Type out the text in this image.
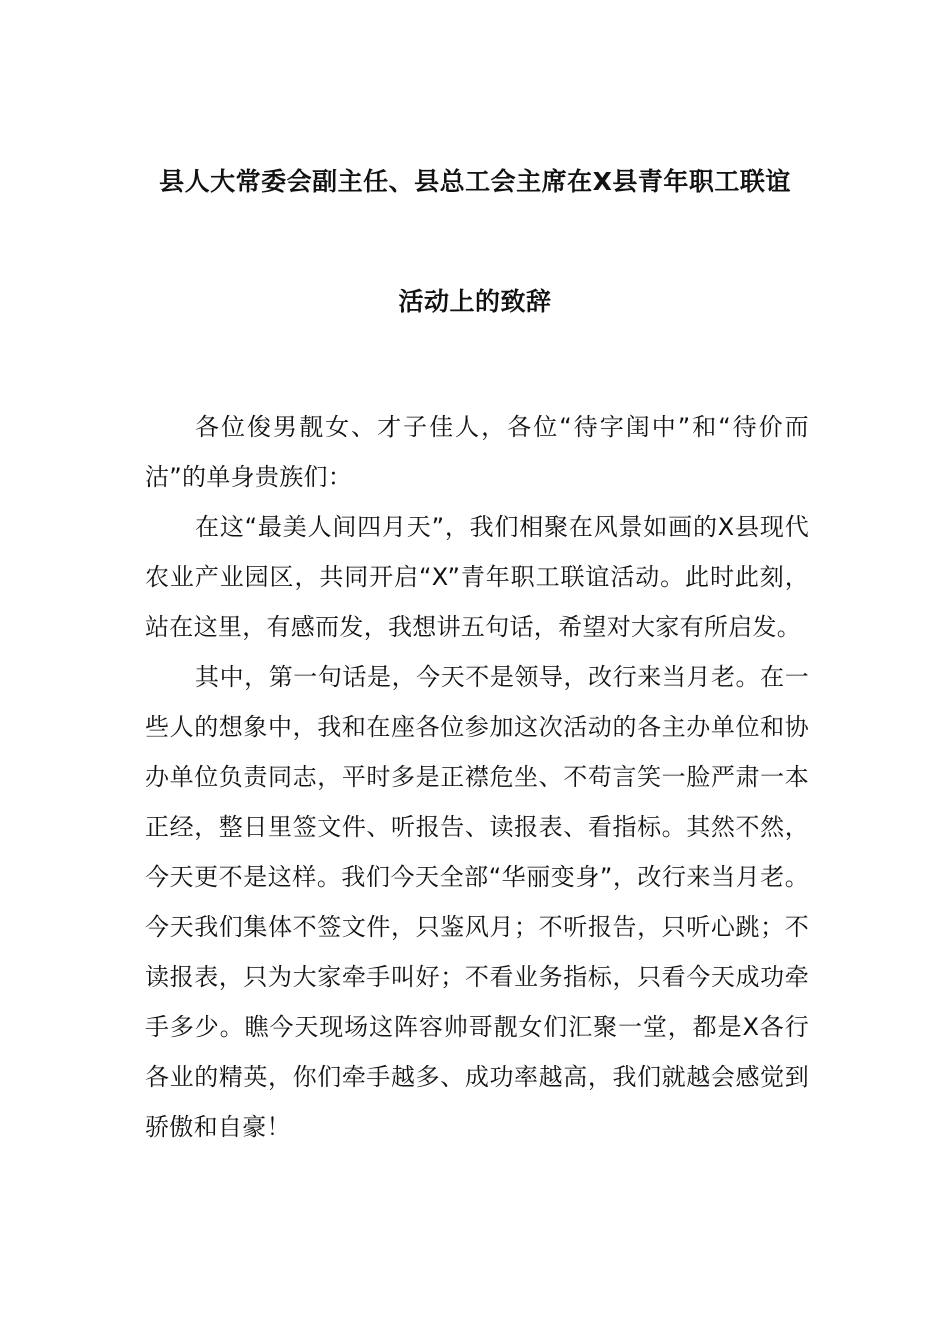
县人大常委会副主任、县总工会主席在X县青年职工联谊
活动上的致辞

各位俊男靓女、才子佳人，各位“待字闺中”和“待价而沽”的单身贵族们：

在这“最美人间四月天”，我们相聚在风景如画的X县现代农业产业园区，共同开启“X”青年职工联谊活动。此时此刻，站在这里，有感而发，我想讲五句话，希望对大家有所启发。

其中，第一句话是，今天不是领导，改行来当月老。在一些人的想象中，我和在座各位参加这次活动的各主办单位和协办单位负责同志，平时多是正襟危坐、不苟言笑一脸严肃一本正经，整日里签文件、听报告、读报表、看指标。其然不然，今天更不是这样。我们今天全部“华丽变身”，改行来当月老。今天我们集体不签文件，只鉴风月；不听报告，只听心跳；不读报表，只为大家牵手叫好；不看业务指标，只看今天成功牵手多少。瞧今天现场这阵容帅哥靓女们汇聚一堂，都是X各行各业的精英，你们牵手越多、成功率越高，我们就越会感觉到骄傲和自豪！
